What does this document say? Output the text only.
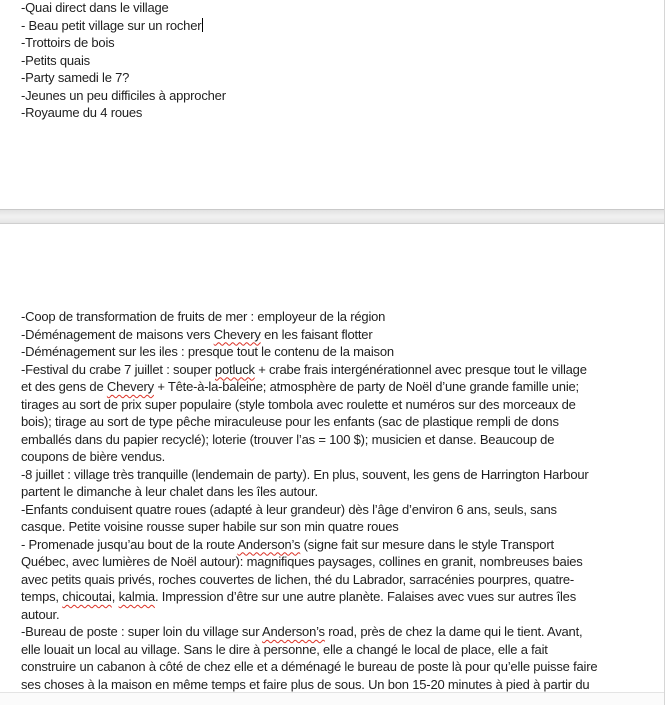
-Quai direct dans le village
- Beau petit village sur un rocher
-Trottoirs de bois
-Petits quais
-Party samedi le 7?
-Jeunes un peu difficiles à approcher
-Royaume du 4 roues
-Coop de transformation de fruits de mer : employeur de la région
-Déménagement de maisons vers Chevery en les faisant flotter
-Déménagement sur les iles : presque tout le contenu de la maison
-Festival du crabe 7 juillet : souper potluck + crabe frais intergénérationnel avec presque tout le village
et des gens de Chevery + Tête-à-la-baleine; atmosphère de party de Noël d’une grande famille unie;
tirages au sort de prix super populaire (style tombola avec roulette et numéros sur des morceaux de
bois); tirage au sort de type pêche miraculeuse pour les enfants (sac de plastique rempli de dons
emballés dans du papier recyclé); loterie (trouver l’as = 100 $); musicien et danse. Beaucoup de
coupons de bière vendus.
-8 juillet : village très tranquille (lendemain de party). En plus, souvent, les gens de Harrington Harbour
partent le dimanche à leur chalet dans les îles autour.
-Enfants conduisent quatre roues (adapté à leur grandeur) dès l’âge d’environ 6 ans, seuls, sans
casque. Petite voisine rousse super habile sur son min quatre roues
- Promenade jusqu’au bout de la route Anderson’s (signe fait sur mesure dans le style Transport
Québec, avec lumières de Noël autour): magnifiques paysages, collines en granit, nombreuses baies
avec petits quais privés, roches couvertes de lichen, thé du Labrador, sarracénies pourpres, quatre-
temps, chicoutai, kalmia. Impression d’être sur une autre planète. Falaises avec vues sur autres îles
autour.
-Bureau de poste : super loin du village sur Anderson’s road, près de chez la dame qui le tient. Avant,
elle louait un local au village. Sans le dire à personne, elle a changé le local de place, elle a fait
construire un cabanon à côté de chez elle et a déménagé le bureau de poste là pour qu’elle puisse faire
ses choses à la maison en même temps et faire plus de sous. Un bon 15-20 minutes à pied à partir du
